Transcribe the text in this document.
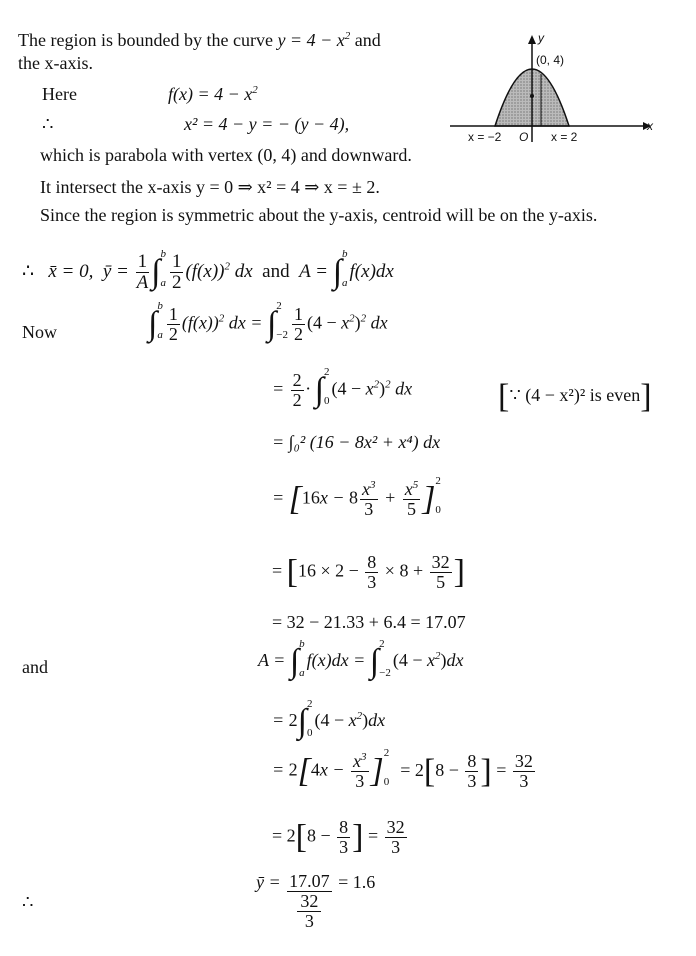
The region is bounded by the curve $y = 4 - x^2$ and
the x-axis.
Here	$f(x) = 4 - x^2$
∴	x² = 4 − y = − (y − 4),
which is parabola with vertex (0, 4) and downward.
It intersect the x-axis y = 0 ⇒ x² = 4 ⇒ x = ± 2.
Since the region is symmetric about the y-axis, centroid will be on the y-axis.
y
(0, 4)
x
x = −2 O x = 2
∴ x̄ = 0, ȳ = $\frac{1}{A}$ ∫ b
a $\frac{1}{2} (f(x))^2$ dx and A = ∫ b
a
f(x)dx
Now	∫ b
a $\frac{1}{2} (f(x))^2$ dx = ∫ 2
$-2 \frac{1}{2} (4 - x^2)^2$ dx
= $\frac{2}{2}$ · ∫ 2
0
$(4 - x^2)^2$ dx	[∵ (4 − x²)² is even]
= ∫₀² (16 − 8x² + x⁴) dx
= [$16x - 8 \frac{x^3}{3} + \frac{x^5}{5}$ ] 2
0
= [$16 \times 2 - \frac{8}{3} \times 8 + \frac{32}{5}$ ]
= 32 − 21.33 + 6.4 = 17.07
and	A = ∫ b
a
f(x)dx = ∫ 2
−2
$(4 - x^2)dx$
= 2∫ 2
0
$(4 - x^2)dx$
= $2[4x - \frac{x^3}{3}$ ] 2
0
= $2[8 - \frac{8}{3}$ ] = $\frac{32}{3}$
= $2[8 - \frac{8}{3}$ ] = $\frac{32}{3}$
∴
ȳ = 17.07
32
3
= 1.6
